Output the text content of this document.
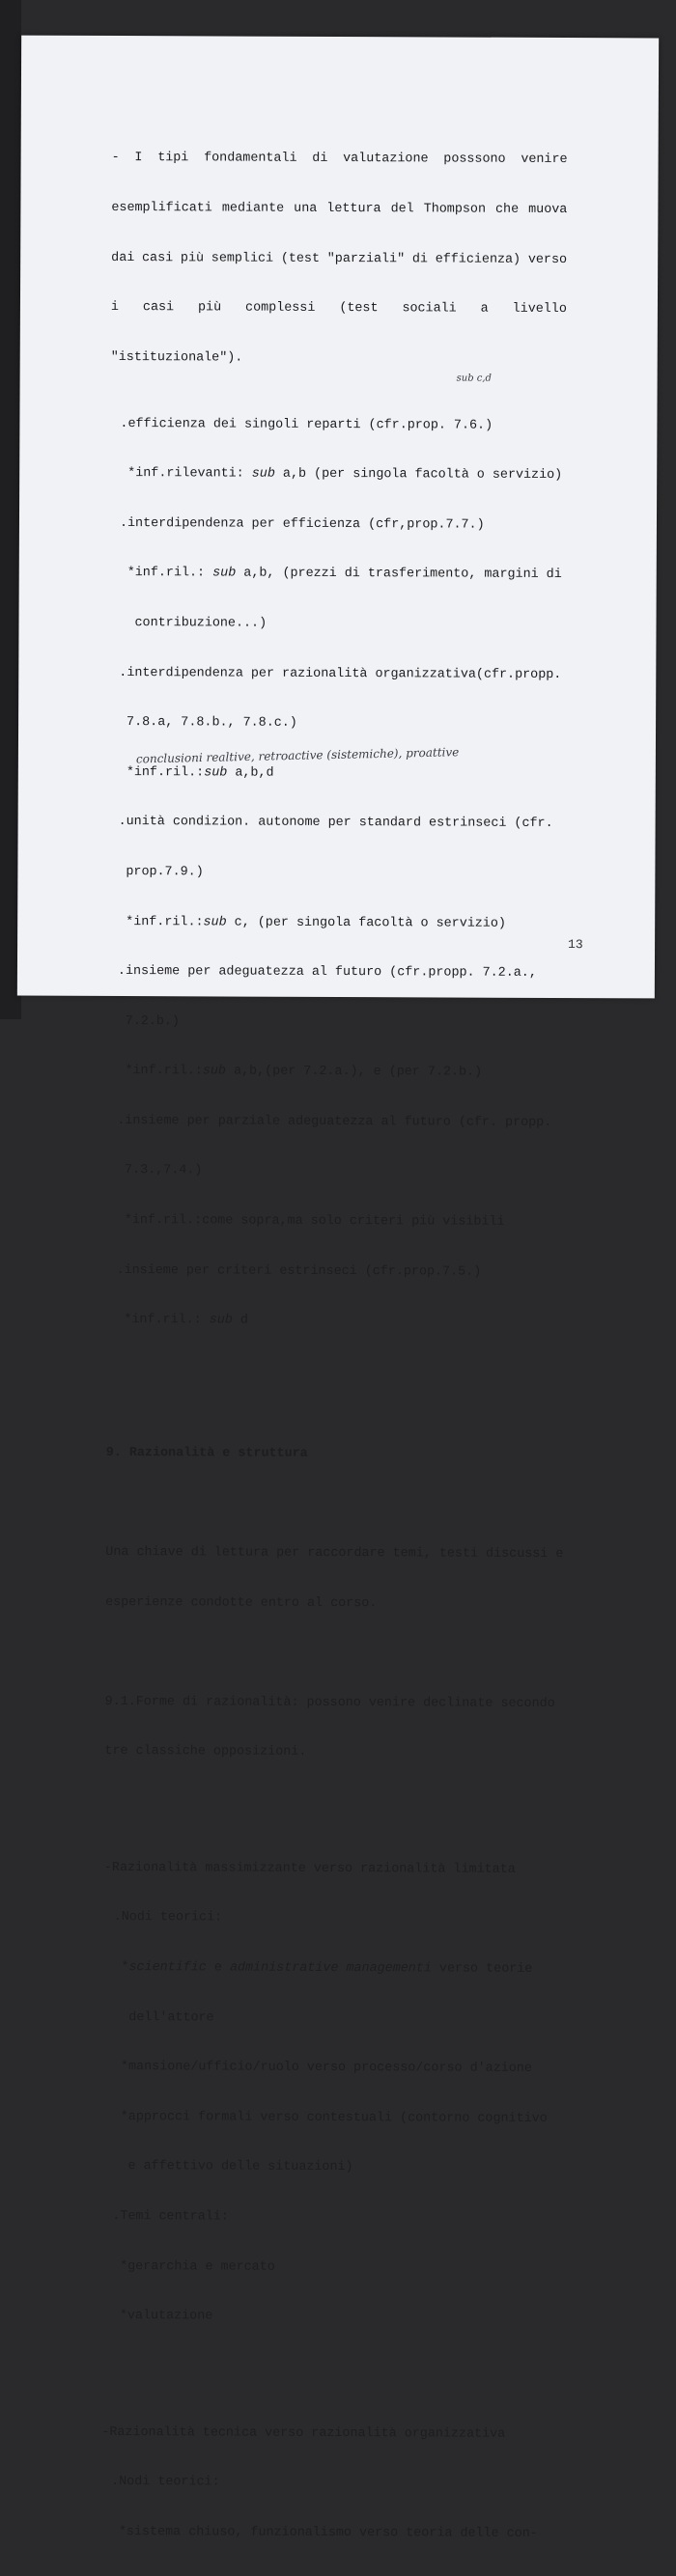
- I tipi fondamentali di valutazione posssono venire

esemplificati mediante una lettura del Thompson che muova

dai casi più semplici (test "parziali" di efficienza) verso

i casi più complessi (test sociali a livello

"istituzionale").

.efficienza dei singoli reparti (cfr.prop. 7.6.)

*inf.rilevanti: sub a,b (per singola facoltà o servizio)

.interdipendenza per efficienza (cfr,prop.7.7.)

*inf.ril.: sub a,b, (prezzi di trasferimento, margini di

contribuzione...)

.interdipendenza per razionalità organizzativa(cfr.propp.

7.8.a, 7.8.b., 7.8.c.)

*inf.ril.:sub a,b,d

.unità condizion. autonome per standard estrinseci (cfr.

prop.7.9.)

*inf.ril.:sub c, (per singola facoltà o servizio)

.insieme per adeguatezza al futuro (cfr.propp. 7.2.a.,

7.2.b.)

*inf.ril.:sub a,b,(per 7.2.a.), e (per 7.2.b.)

.insieme per parziale adeguatezza al futuro (cfr. propp.

7.3.,7.4.)

*inf.ril.:come sopra,ma solo criteri più visibili

.insieme per criteri estrinseci (cfr.prop.7.5.)

*inf.ril.: sub d

9. Razionalità e struttura

Una chiave di lettura per raccordare temi, testi discussi e

esperienze condotte entro al corso.

9.1.Forme di razionalità: possono venire declinate secondo

tre classiche opposizioni.

-Razionalità massimizzante verso razionalità limitata

.Nodi teorici:

*scientific e administrative managementi verso teorie

dell'attore

*mansione/ufficio/ruolo verso processo/corso d'azione

*approcci formali verso contestuali (contorno cognitivo

e affettivo delle situazioni)

.Temi centrali:

*gerarchia e mercato

*valutazione

-Razionalità tecnica verso razionalità organizzativa

.Nodi teorici:

*sistema chiuso, funzionalismo verso teoria delle con-

sub c,d
conclusioni realtive, retroactive (sistemiche), proattive
13
